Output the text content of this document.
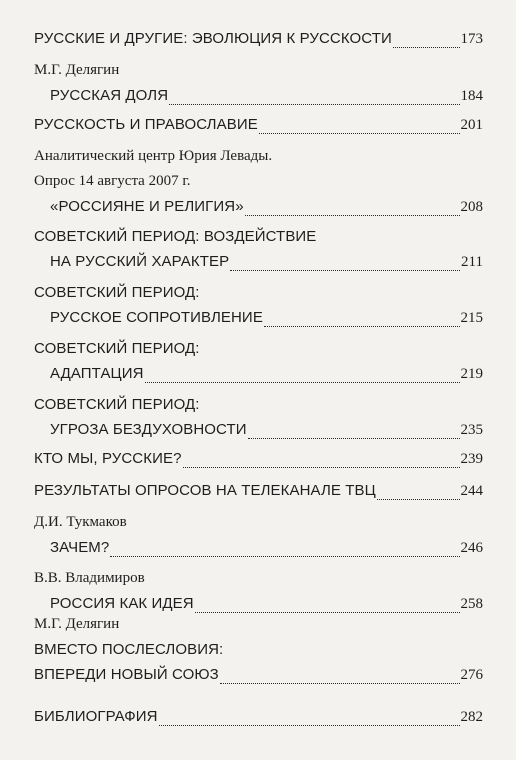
РУССКИЕ И ДРУГИЕ: ЭВОЛЮЦИЯ К РУССКОСТИ	173
М.Г. Делягин
РУССКАЯ ДОЛЯ	184
РУССКОСТЬ И ПРАВОСЛАВИЕ	201
Аналитический центр Юрия Левады.
Опрос 14 августа 2007 г.
«РОССИЯНЕ И РЕЛИГИЯ»	208
СОВЕТСКИЙ ПЕРИОД: ВОЗДЕЙСТВИЕ
НА РУССКИЙ ХАРАКТЕР	211
СОВЕТСКИЙ ПЕРИОД:
РУССКОЕ СОПРОТИВЛЕНИЕ	215
СОВЕТСКИЙ ПЕРИОД:
АДАПТАЦИЯ	219
СОВЕТСКИЙ ПЕРИОД:
УГРОЗА БЕЗДУХОВНОСТИ	235
КТО МЫ, РУССКИЕ?	239
РЕЗУЛЬТАТЫ ОПРОСОВ НА ТЕЛЕКАНАЛЕ ТВЦ	244
Д.И. Тукмаков
ЗАЧЕМ?	246
В.В. Владимиров
РОССИЯ КАК ИДЕЯ	258
М.Г. Делягин
ВМЕСТО ПОСЛЕСЛОВИЯ:
ВПЕРЕДИ НОВЫЙ СОЮЗ	276
БИБЛИОГРАФИЯ	282
